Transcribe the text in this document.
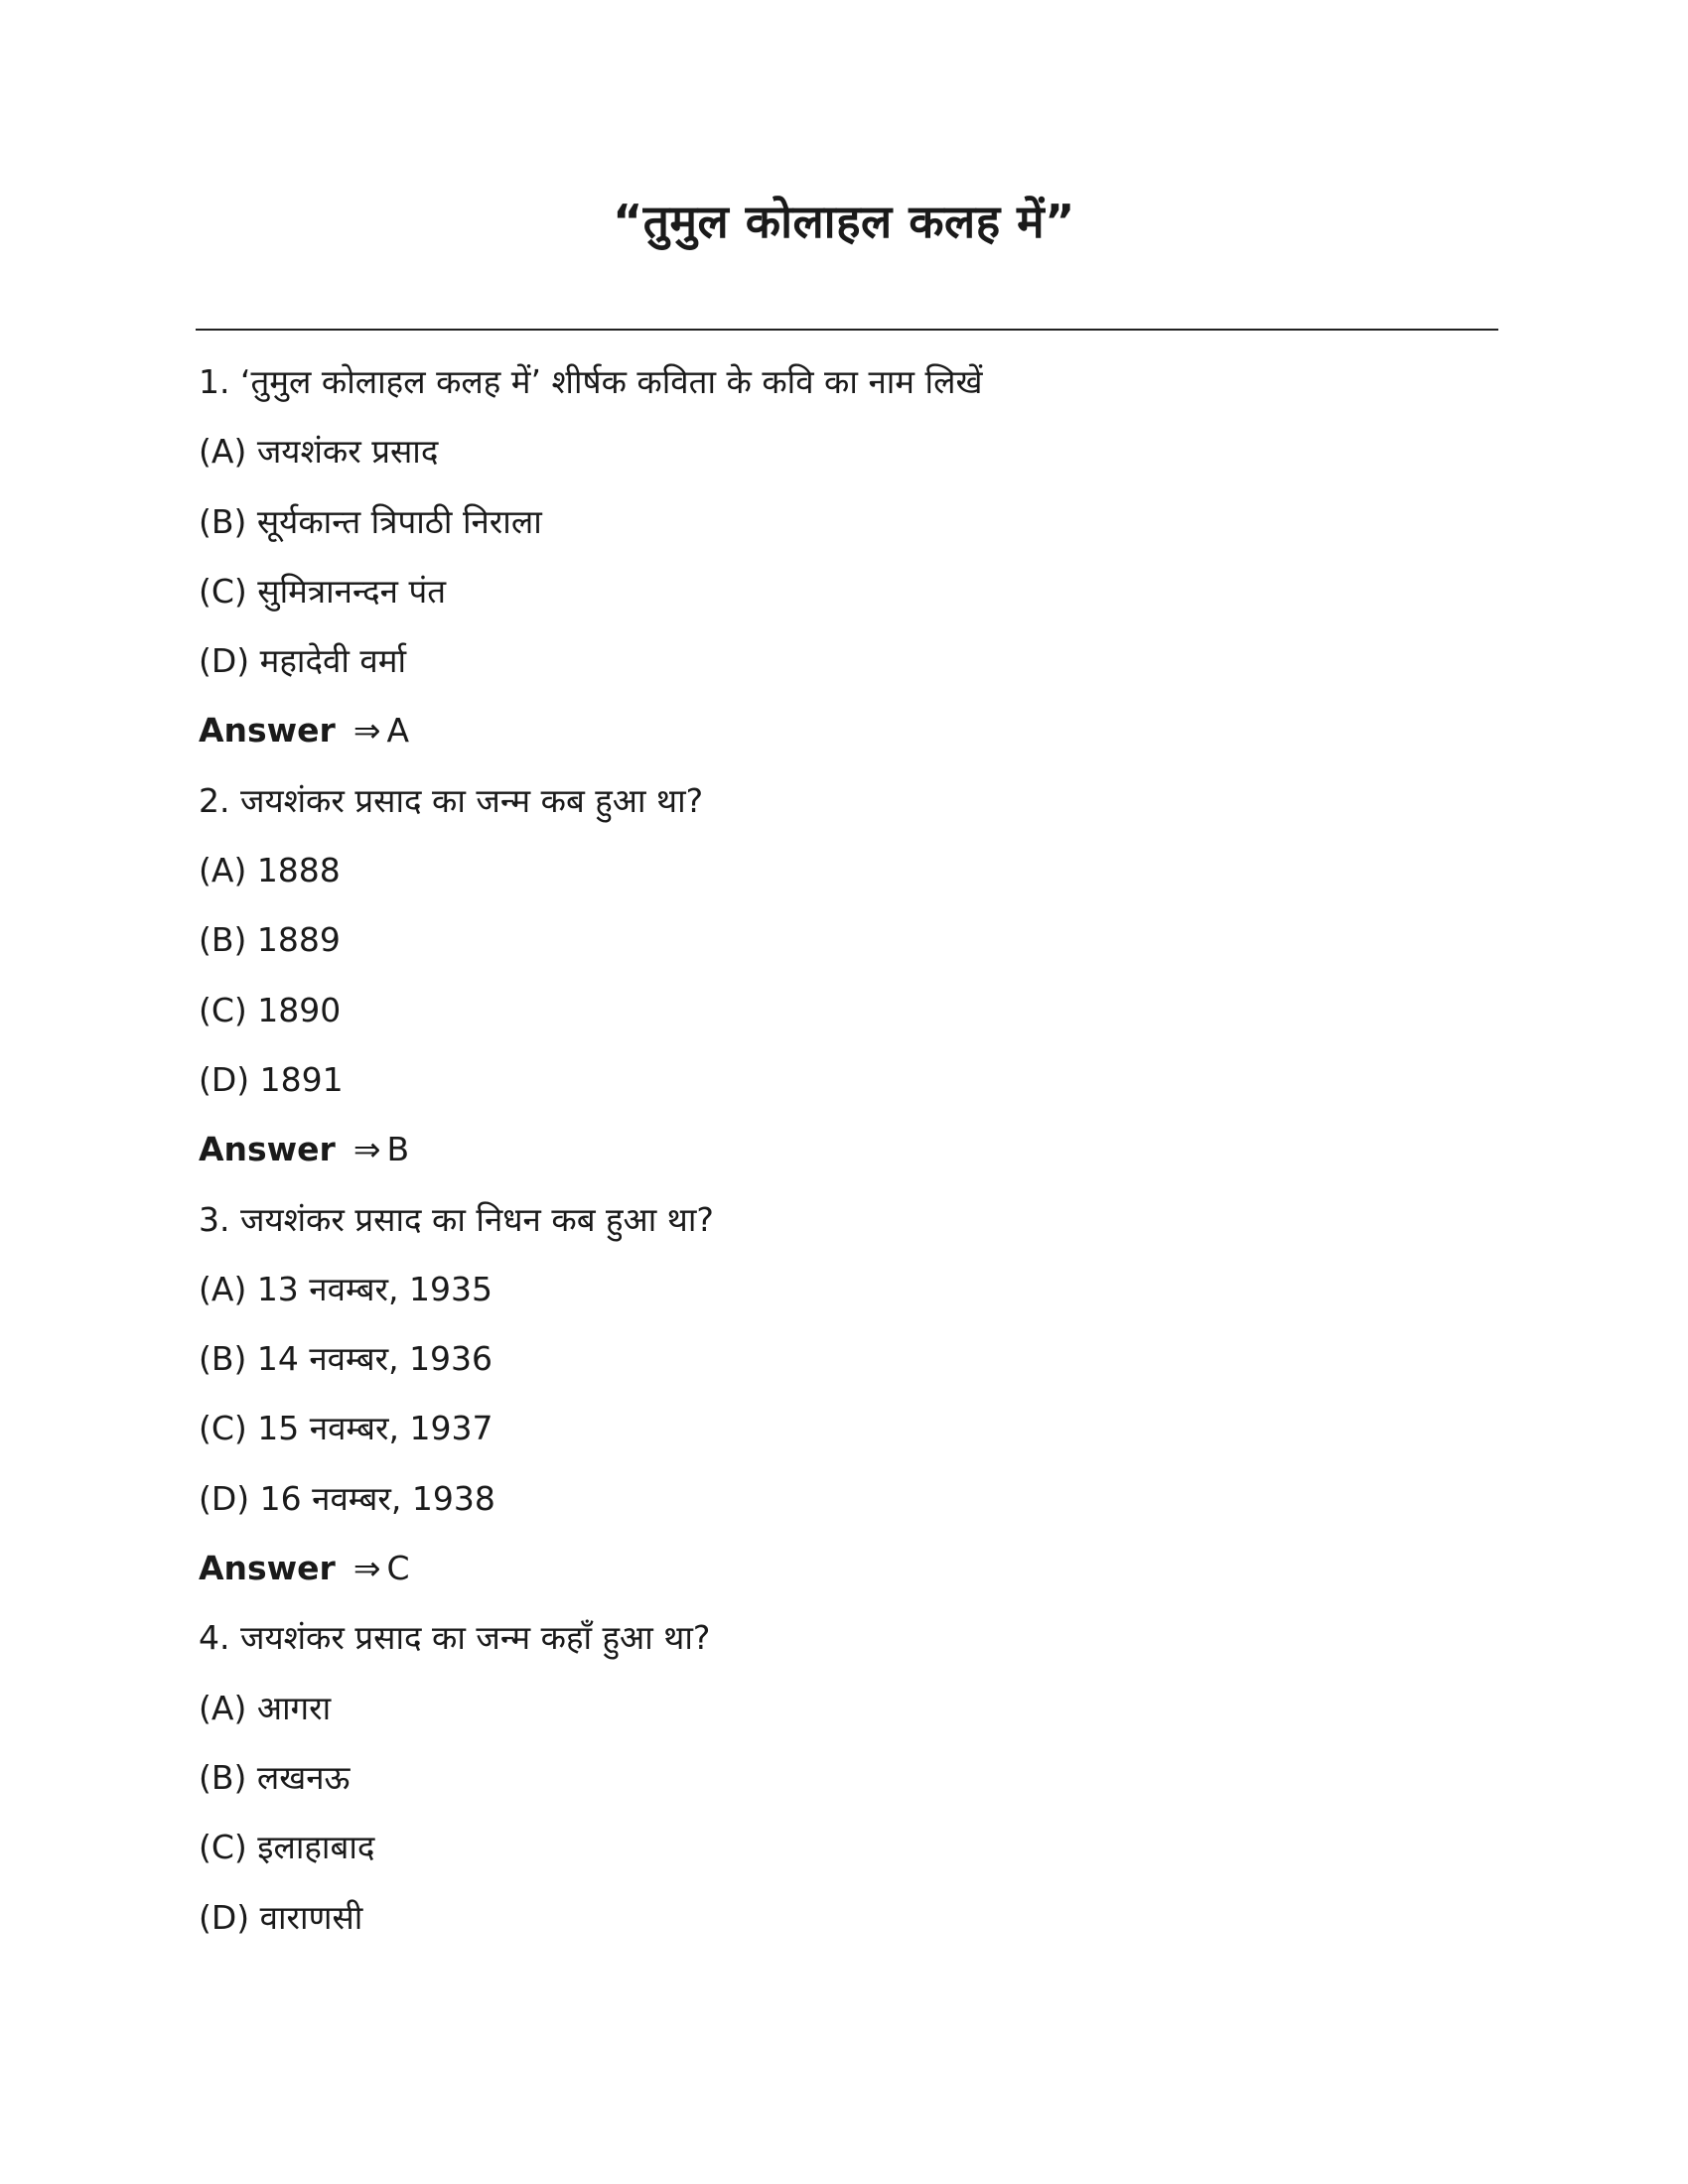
“तुमुल कोलाहल कलह में”
1. ‘तुमुल कोलाहल कलह में’ शीर्षक कविता के कवि का नाम लिखें
(A) जयशंकर प्रसाद
(B) सूर्यकान्त त्रिपाठी निराला
(C) सुमित्रानन्दन पंत
(D) महादेवी वर्मा
Answer ⇒ A
2. जयशंकर प्रसाद का जन्म कब हुआ था?
(A) 1888
(B) 1889
(C) 1890
(D) 1891
Answer ⇒ B
3. जयशंकर प्रसाद का निधन कब हुआ था?
(A) 13 नवम्बर, 1935
(B) 14 नवम्बर, 1936
(C) 15 नवम्बर, 1937
(D) 16 नवम्बर, 1938
Answer ⇒ C
4. जयशंकर प्रसाद का जन्म कहाँ हुआ था?
(A) आगरा
(B) लखनऊ
(C) इलाहाबाद
(D) वाराणसी
